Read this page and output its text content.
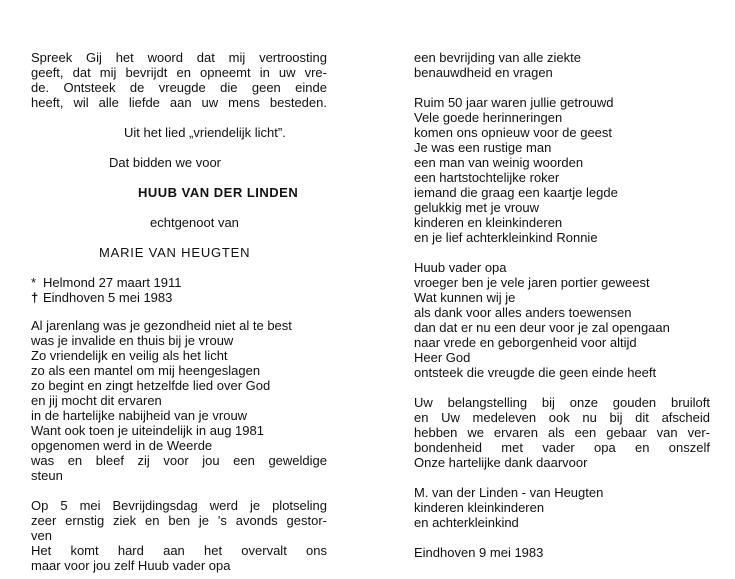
Spreek Gij het woord dat mij vertroosting
geeft, dat mij bevrijdt en opneemt in uw vre-
de. Ontsteek de vreugde die geen einde
heeft, wil alle liefde aan uw mens besteden.
Uit het lied „vriendelijk licht”.
Dat bidden we voor
HUUB VAN DER LINDEN
echtgenoot van
MARIE VAN HEUGTEN
* Helmond 27 maart 1911
† Eindhoven 5 mei 1983
Al jarenlang was je gezondheid niet al te best
was je invalide en thuis bij je vrouw
Zo vriendelijk en veilig als het licht
zo als een mantel om mij heengeslagen
zo begint en zingt hetzelfde lied over God
en jij mocht dit ervaren
in de hartelijke nabijheid van je vrouw
Want ook toen je uiteindelijk in aug 1981
opgenomen werd in de Weerde
was en bleef zij voor jou een geweldige
steun
Op 5 mei Bevrijdingsdag werd je plotseling
zeer ernstig ziek en ben je 's avonds gestor-
ven
Het komt hard aan het overvalt ons
maar voor jou zelf Huub vader opa
een bevrijding van alle ziekte
benauwdheid en vragen
Ruim 50 jaar waren jullie getrouwd
Vele goede herinneringen
komen ons opnieuw voor de geest
Je was een rustige man
een man van weinig woorden
een hartstochtelijke roker
iemand die graag een kaartje legde
gelukkig met je vrouw
kinderen en kleinkinderen
en je lief achterkleinkind Ronnie
Huub vader opa
vroeger ben je vele jaren portier geweest
Wat kunnen wij je
als dank voor alles anders toewensen
dan dat er nu een deur voor je zal opengaan
naar vrede en geborgenheid voor altijd
Heer God
ontsteek die vreugde die geen einde heeft
Uw belangstelling bij onze gouden bruiloft
en Uw medeleven ook nu bij dit afscheid
hebben we ervaren als een gebaar van ver-
bondenheid met vader opa en onszelf
Onze hartelijke dank daarvoor
M. van der Linden - van Heugten
kinderen kleinkinderen
en achterkleinkind
Eindhoven 9 mei 1983
